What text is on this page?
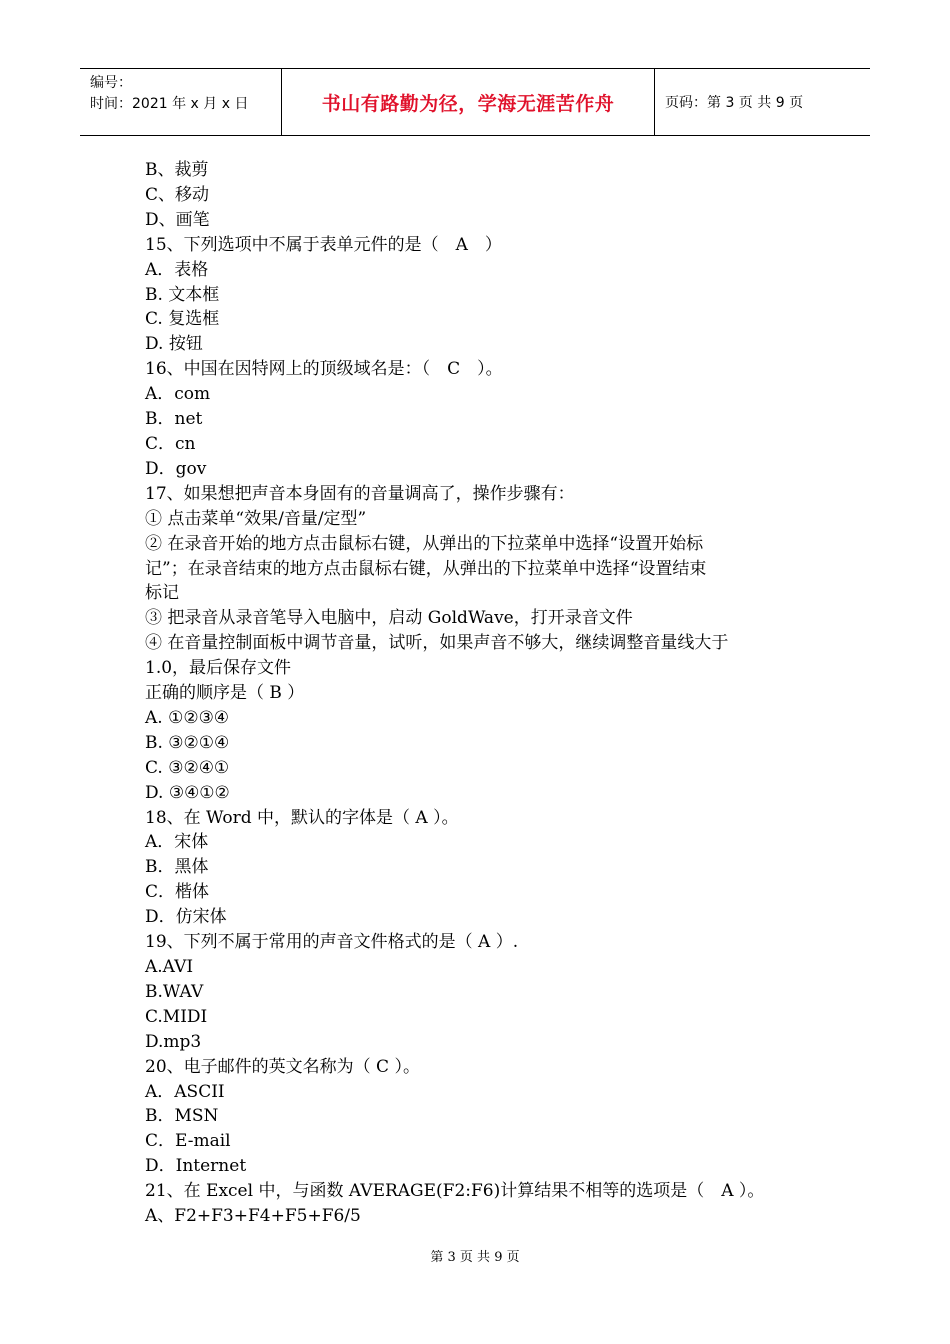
编号：
时间：2021 年 x 月 x 日	书山有路勤为径，学海无涯苦作舟	页码：第 3 页 共 9 页
B、裁剪
C、移动
D、画笔
15、下列选项中不属于表单元件的是（　A　）
A．表格
B. 文本框
C. 复选框
D. 按钮
16、中国在因特网上的顶级域名是：（　C　）。
A．com
B．net
C．cn
D．gov
17、如果想把声音本身固有的音量调高了，操作步骤有：
① 点击菜单“效果/音量/定型”
② 在录音开始的地方点击鼠标右键，从弹出的下拉菜单中选择“设置开始标
记”；在录音结束的地方点击鼠标右键，从弹出的下拉菜单中选择“设置结束
标记
③ 把录音从录音笔导入电脑中，启动 GoldWave，打开录音文件
④ 在音量控制面板中调节音量，试听，如果声音不够大，继续调整音量线大于
1.0，最后保存文件
正确的顺序是（ B ）
A. ①②③④
B. ③②①④
C. ③②④①
D. ③④①②
18、在 Word 中，默认的字体是（ A ）。
A．宋体
B．黑体
C．楷体
D．仿宋体
19、下列不属于常用的声音文件格式的是（ A ）.
A.AVI
B.WAV
C.MIDI
D.mp3
20、电子邮件的英文名称为（ C ）。
A．ASCII
B．MSN
C．E-mail
D．Internet
21、在 Excel 中，与函数 AVERAGE(F2:F6)计算结果不相等的选项是（　A ）。
A、F2+F3+F4+F5+F6/5
第 3 页 共 9 页
